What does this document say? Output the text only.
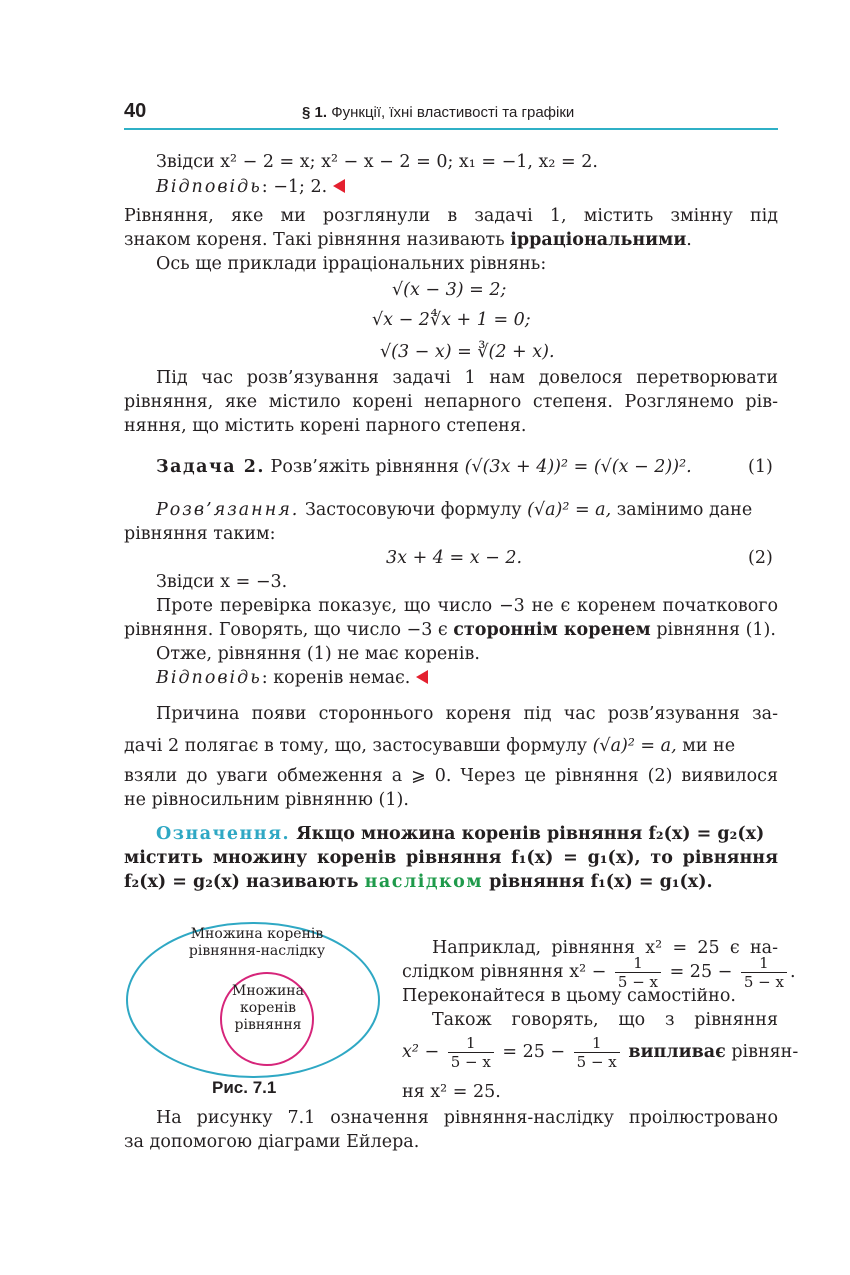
40	§ 1. Функції, їхні властивості та графіки
Звідси x² − 2 = x; x² − x − 2 = 0; x₁ = −1, x₂ = 2.
Відповідь: −1; 2.
Рівняння, яке ми розглянули в задачі 1, містить змінну під
знаком кореня. Такі рівняння називають ірраціональними.
Ось ще приклади ірраціональних рівнянь:
√(x − 3) = 2;
√x − 2∜x + 1 = 0;
√(3 − x) = ∛(2 + x).
Під час розв’язування задачі 1 нам довелося перетворювати
рівняння, яке містило корені непарного степеня. Розглянемо рів-
няння, що містить корені парного степеня.
Задача 2. Розв’яжіть рівняння (√(3x + 4))² = (√(x − 2))².	(1)
Розв’язання. Застосовуючи формулу (√a)² = a, замінимо дане
рівняння таким:
3x + 4 = x − 2.	(2)
Звідси x = −3.
Проте перевірка показує, що число −3 не є коренем початкового
рівняння. Говорять, що число −3 є стороннім коренем рівняння (1).
Отже, рівняння (1) не має коренів.
Відповідь: коренів немає.
Причина появи стороннього кореня під час розв’язування за-
дачі 2 полягає в тому, що, застосувавши формулу (√a)² = a, ми не
взяли до уваги обмеження a ⩾ 0. Через це рівняння (2) виявилося
не рівносильним рівнянню (1).
Означення. Якщо множина коренів рівняння f₂(x) = g₂(x)
містить множину коренів рівняння f₁(x) = g₁(x), то рівняння
f₂(x) = g₂(x) називають наслідком рівняння f₁(x) = g₁(x).
Множина коренів
рівняння-наслідку
Множина
коренів
рівняння
Рис. 7.1
Наприклад, рівняння x² = 25 є на-
слідком рівняння $x^2 - \frac{1}{5 - x} = 25 - \frac{1}{5 - x}$ .
Переконайтеся в цьому самостійно.
Також говорять, що з рівняння
$x^2 - \frac{1}{5 - x} = 25 - \frac{1}{5 - x}$ випливає рівнян-
ня x² = 25.
На рисунку 7.1 означення рівняння-наслідку проілюстровано
за допомогою діаграми Ейлера.
